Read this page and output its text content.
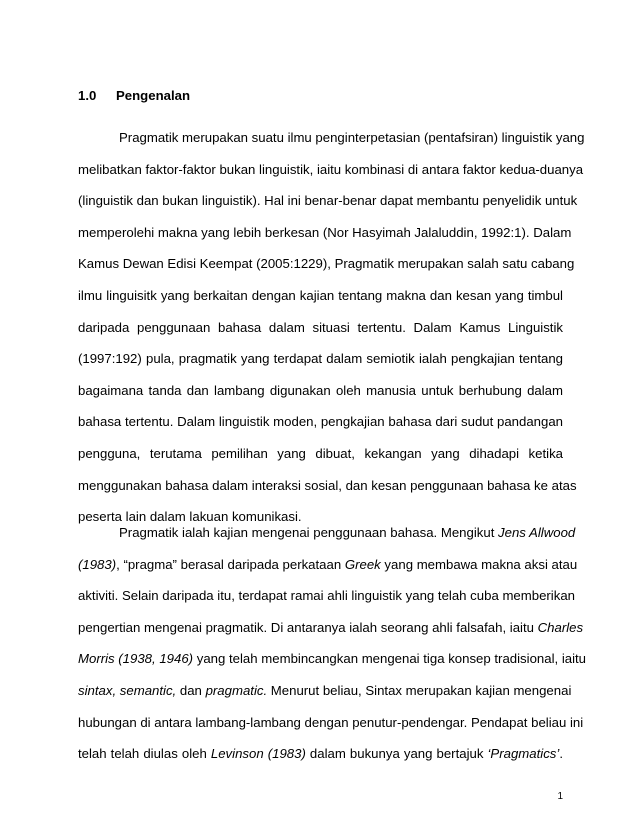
1.0 Pengenalan
Pragmatik merupakan suatu ilmu penginterpetasian (pentafsiran) linguistik yang
melibatkan faktor-faktor bukan linguistik, iaitu kombinasi di antara faktor kedua-duanya
(linguistik dan bukan linguistik). Hal ini benar-benar dapat membantu penyelidik untuk
memperolehi makna yang lebih berkesan (Nor Hasyimah Jalaluddin, 1992:1). Dalam
Kamus Dewan Edisi Keempat (2005:1229), Pragmatik merupakan salah satu cabang
ilmu linguisitk yang berkaitan dengan kajian tentang makna dan kesan yang timbul
daripada penggunaan bahasa dalam situasi tertentu. Dalam Kamus Linguistik
(1997:192) pula, pragmatik yang terdapat dalam semiotik ialah pengkajian tentang
bagaimana tanda dan lambang digunakan oleh manusia untuk berhubung dalam
bahasa tertentu. Dalam linguistik moden, pengkajian bahasa dari sudut pandangan
pengguna, terutama pemilihan yang dibuat, kekangan yang dihadapi ketika
menggunakan bahasa dalam interaksi sosial, dan kesan penggunaan bahasa ke atas
peserta lain dalam lakuan komunikasi.
Pragmatik ialah kajian mengenai penggunaan bahasa. Mengikut Jens Allwood
(1983), “pragma” berasal daripada perkataan Greek yang membawa makna aksi atau
aktiviti. Selain daripada itu, terdapat ramai ahli linguistik yang telah cuba memberikan
pengertian mengenai pragmatik. Di antaranya ialah seorang ahli falsafah, iaitu Charles
Morris (1938, 1946) yang telah membincangkan mengenai tiga konsep tradisional, iaitu
sintax, semantic, dan pragmatic. Menurut beliau, Sintax merupakan kajian mengenai
hubungan di antara lambang-lambang dengan penutur-pendengar. Pendapat beliau ini
telah telah diulas oleh Levinson (1983) dalam bukunya yang bertajuk ‘Pragmatics’.
1
